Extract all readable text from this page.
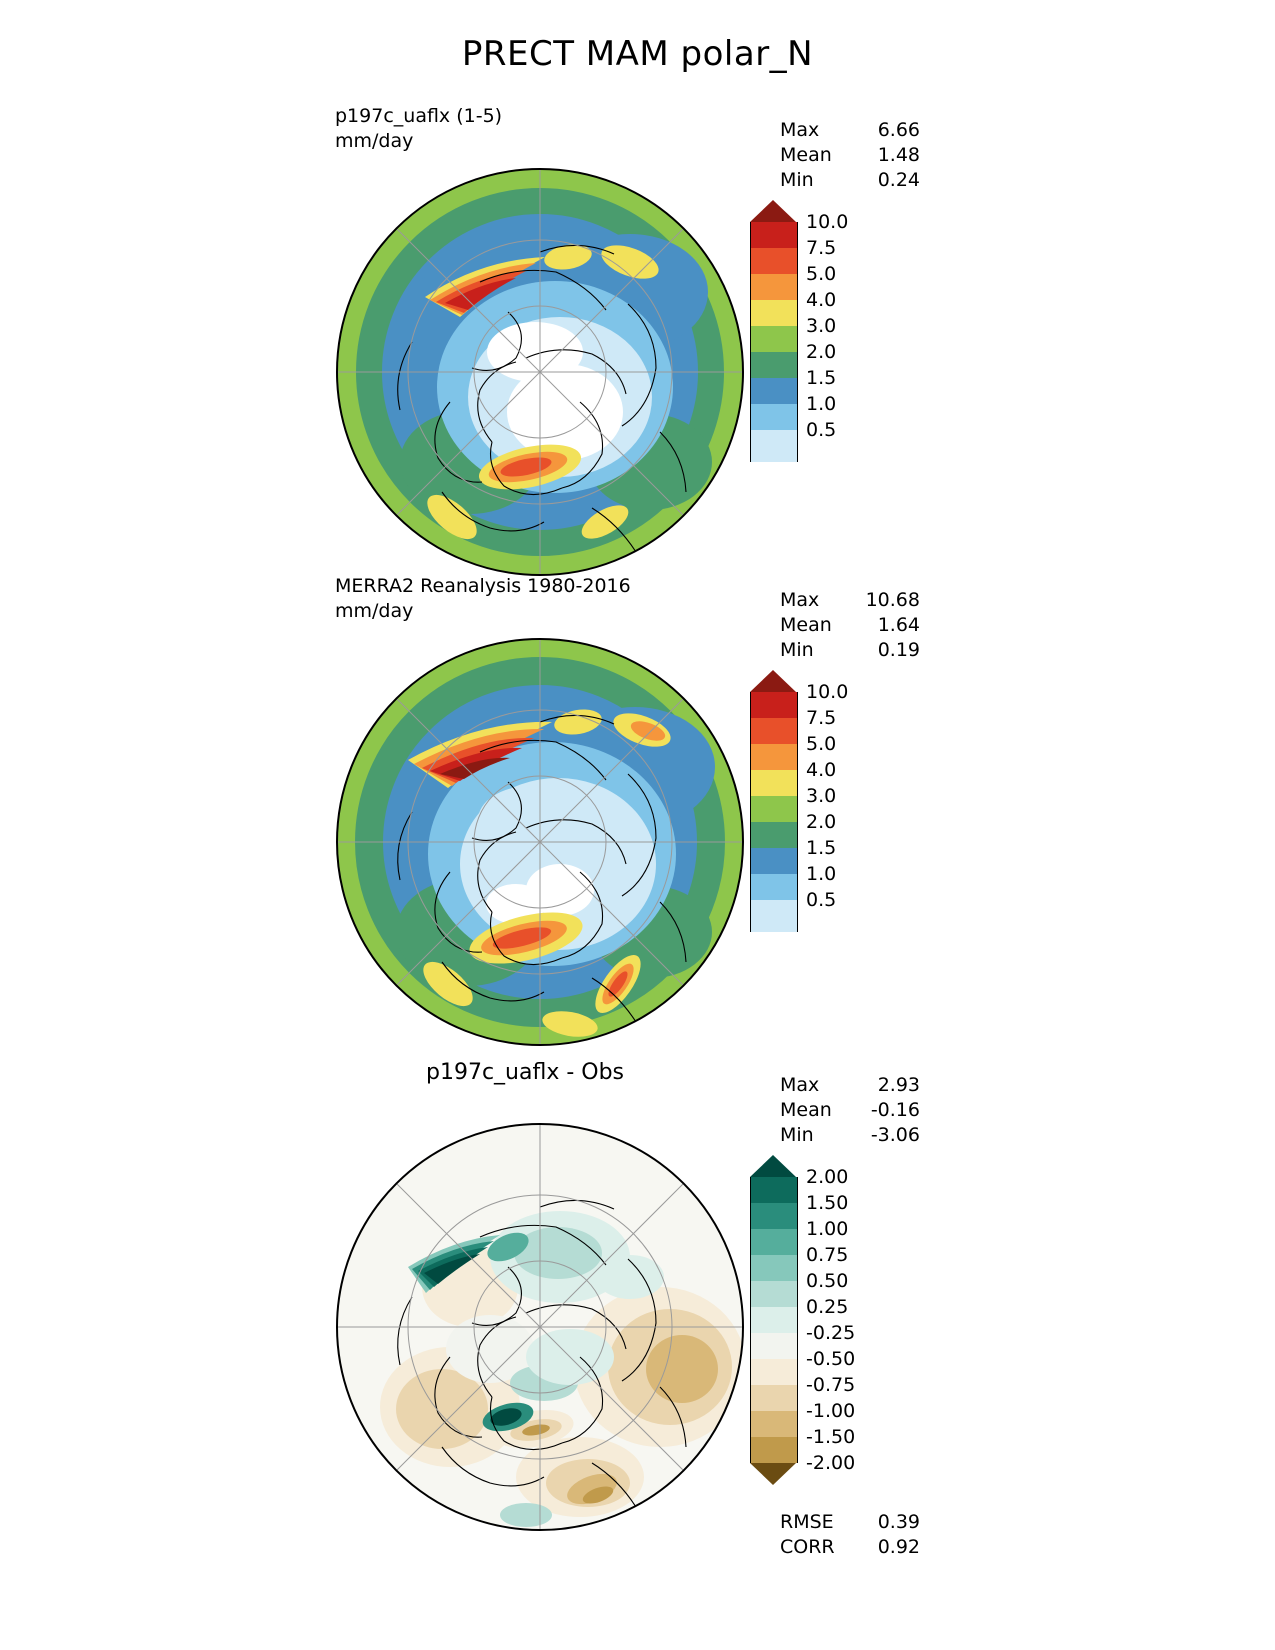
PRECT MAM polar_N
p197c_uaflx (1-5)
mm/day	Max	6.66
Mean 1.48
Min	0.24
10.0
7.5
5.0
4.0
3.0
2.0
1.5
1.0
0.5
MERRA2 Reanalysis 1980-2016
mm/day	Max 10.68
Mean 1.64
Min	0.19
10.0
7.5
5.0
4.0
3.0
2.0
1.5
1.0
0.5
p197c_uaflx - Obs	Max	2.93
Mean -0.16
Min	-3.06
2.00
1.50
1.00
0.75
0.50
0.25
-0.25
-0.50
-0.75
-1.00
-1.50
-2.00
RMSE 0.39
CORR 0.92
